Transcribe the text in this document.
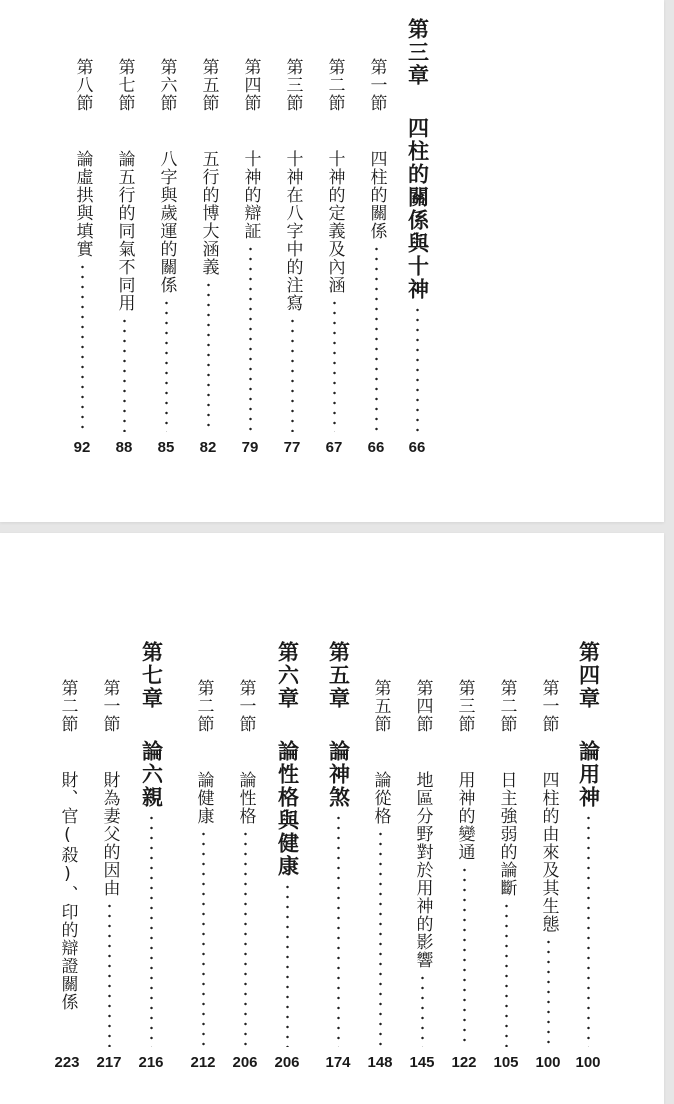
第三章
四柱的關係與十神
66
第一節
四柱的關係
66
第二節
十神的定義及內涵
67
第三節
十神在八字中的注寫
77
第四節
十神的辯証
79
第五節
五行的博大涵義
82
第六節
八字與歲運的關係
85
第七節
論五行的同氣不同用
88
第八節
論虛拱與填實
92
第四章
論用神
100
第一節
四柱的由來及其生態
100
第二節
日主強弱的論斷
105
第三節
用神的變通
122
第四節
地區分野對於用神的影響
145
第五節
論從格
148
第五章
論神煞
174
第六章
論性格與健康
206
第一節
論性格
206
第二節
論健康
212
第七章
論六親
216
第一節
財為妻父的因由
217
第二節
財、官(殺)、印的辯證關係
223
